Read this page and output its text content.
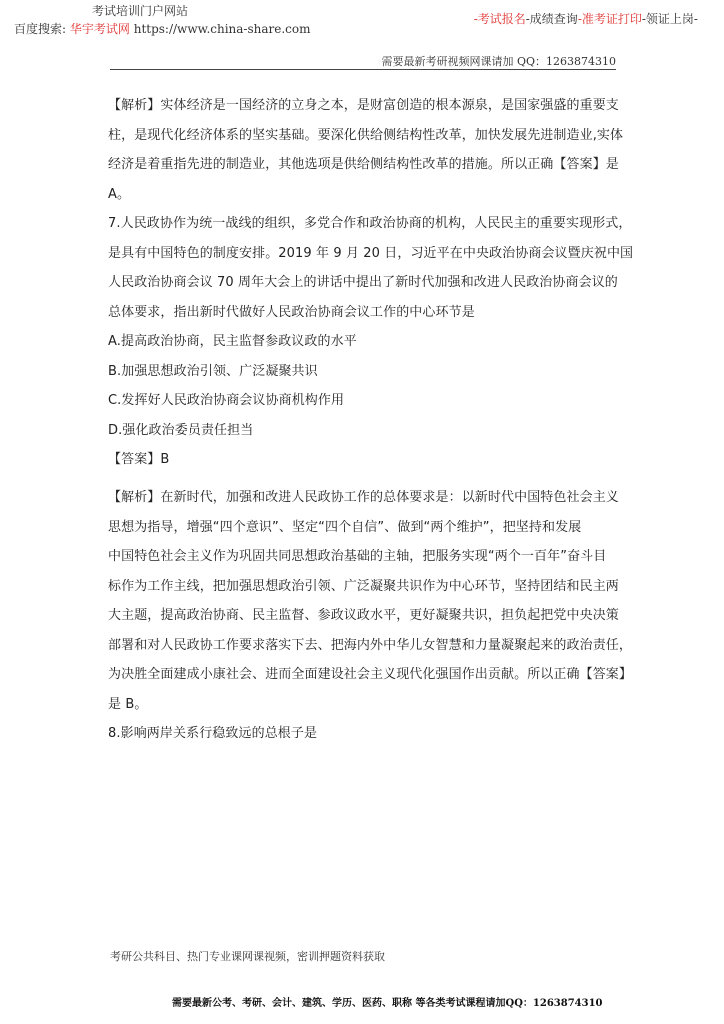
考试培训门户网站
百度搜索: 华宇考试网 https://www.china-share.com
-考试报名-成绩查询-准考证打印-领证上岗-
需要最新考研视频网课请加 QQ：1263874310

【解析】实体经济是一国经济的立身之本，是财富创造的根本源泉，是国家强盛的重要支

柱，是现代化经济体系的坚实基础。要深化供给侧结构性改革，加快发展先进制造业,实体

经济是着重指先进的制造业，其他选项是供给侧结构性改革的措施。所以正确【答案】是

A。

7.人民政协作为统一战线的组织，多党合作和政治协商的机构，人民民主的重要实现形式，

是具有中国特色的制度安排。2019 年 9 月 20 日，习近平在中央政治协商会议暨庆祝中国

人民政治协商会议 70 周年大会上的讲话中提出了新时代加强和改进人民政治协商会议的

总体要求，指出新时代做好人民政治协商会议工作的中心环节是

A.提高政治协商，民主监督参政议政的水平

B.加强思想政治引领、广泛凝聚共识

C.发挥好人民政治协商会议协商机构作用

D.强化政治委员责任担当

【答案】B

【解析】在新时代，加强和改进人民政协工作的总体要求是：以新时代中国特色社会主义

思想为指导，增强“四个意识”、坚定“四个自信”、做到“两个维护”，把坚持和发展

中国特色社会主义作为巩固共同思想政治基础的主轴，把服务实现“两个一百年”奋斗目

标作为工作主线，把加强思想政治引领、广泛凝聚共识作为中心环节，坚持团结和民主两

大主题，提高政治协商、民主监督、参政议政水平，更好凝聚共识，担负起把党中央决策

部署和对人民政协工作要求落实下去、把海内外中华儿女智慧和力量凝聚起来的政治责任，

为决胜全面建成小康社会、进而全面建设社会主义现代化强国作出贡献。所以正确【答案】

是 B。

8.影响两岸关系行稳致远的总根子是

考研公共科目、热门专业课网课视频，密训押题资料获取
需要最新公考、考研、会计、建筑、学历、医药、职称 等各类考试课程请加QQ：1263874310
